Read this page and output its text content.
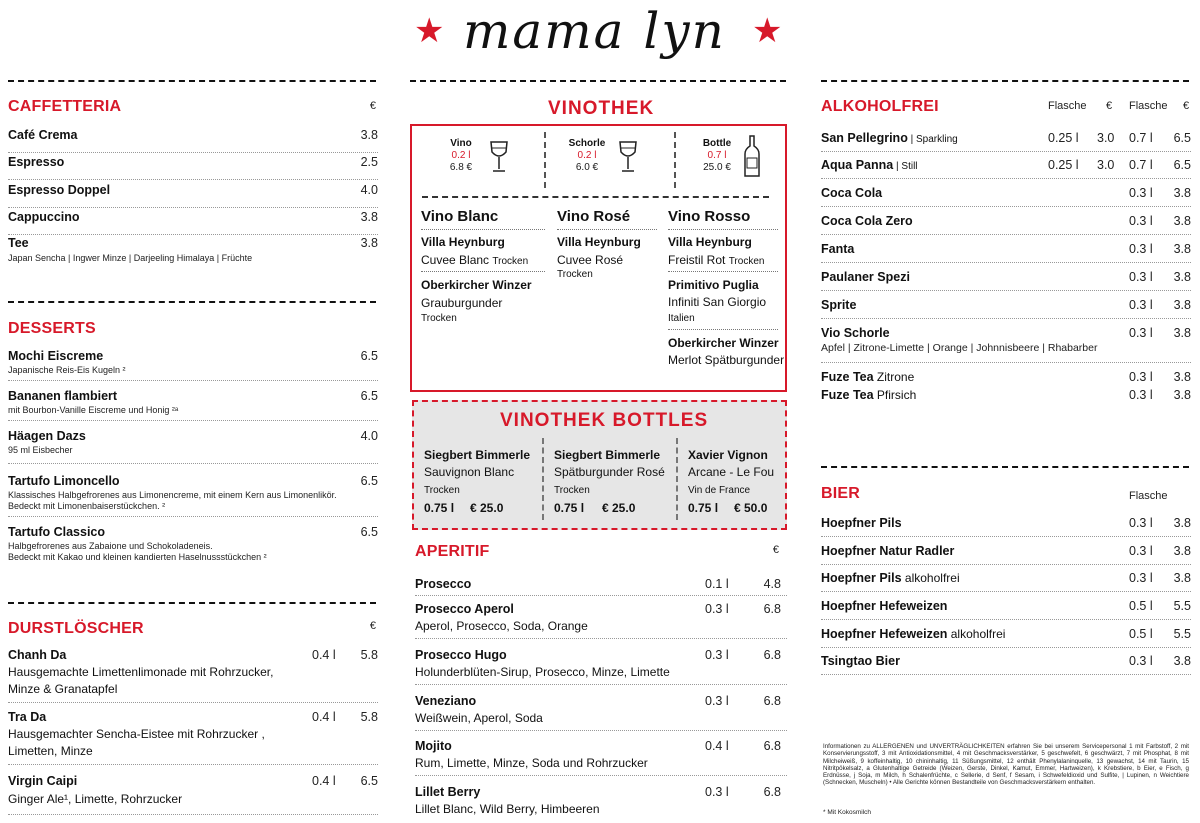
★ mama lyn ★
CAFFETTERIA	€
Café Crema	3.8
Espresso	2.5
Espresso Doppel	4.0
Cappuccino	3.8
Tee
Japan Sencha | Ingwer Minze | Darjeeling Himalaya | Früchte
3.8
DESSERTS
Mochi Eiscreme
Japanische Reis-Eis Kugeln ²
6.5
Bananen flambiert
mit Bourbon-Vanille Eiscreme und Honig ²ᵃ
6.5
Häagen Dazs
95 ml Eisbecher
4.0
Tartufo Limoncello
Klassisches Halbgefrorenes aus Limonencreme, mit einem Kern aus Limonenlikör.
Bedeckt mit Limonenbaiserstückchen. ²
6.5
Tartufo Classico
Halbgefrorenes aus Zabaione und Schokoladeneis.
Bedeckt mit Kakao und kleinen kandierten Haselnussstückchen ²
6.5
DURSTLÖSCHER	€
Chanh Da
Hausgemachte Limettenlimonade mit Rohrzucker,
Minze & Granatapfel
0.4 l 5.8
Tra Da
Hausgemachter Sencha-Eistee mit Rohrzucker ,
Limetten, Minze
0.4 l 5.8
Virgin Caipi
Ginger Ale¹, Limette, Rohrzucker
0.4 l 6.5
VINOTHEK
Vino
0.2 l
6.8 €
Schorle
0.2 l
6.0 €
Bottle
0.7 l
25.0 €
Vino Blanc
Villa Heynburg
Cuvee Blanc Trocken
Oberkircher Winzer
Grauburgunder
Trocken
Vino Rosé
Villa Heynburg
Cuvee Rosé
Trocken
Vino Rosso
Villa Heynburg
Freistil Rot Trocken
Primitivo Puglia
Infiniti San Giorgio
Italien
Oberkircher Winzer
Merlot Spätburgunder
VINOTHEK BOTTLES
Siegbert Bimmerle
Sauvignon Blanc
Trocken
0.75 l € 25.0
Siegbert Bimmerle
Spätburgunder Rosé
Trocken
0.75 l € 25.0
Xavier Vignon
Arcane - Le Fou
Vin de France
0.75 l € 50.0
APERITIF	€
Prosecco	0.1 l	4.8
Prosecco Aperol
Aperol, Prosecco, Soda, Orange
0.3 l	6.8
Prosecco Hugo
Holunderblüten-Sirup, Prosecco, Minze, Limette
0.3 l	6.8
Veneziano
Weißwein, Aperol, Soda
0.3 l	6.8
Mojito
Rum, Limette, Minze, Soda und Rohrzucker
0.4 l	6.8
Lillet Berry
Lillet Blanc, Wild Berry, Himbeeren
0.3 l	6.8
ALKOHOLFREI	Flasche € Flasche €
San Pellegrino | Sparkling	0.25 l 3.0 0.7 l 6.5
Aqua Panna | Still	0.25 l 3.0 0.7 l 6.5
Coca Cola	0.3 l 3.8
Coca Cola Zero	0.3 l 3.8
Fanta	0.3 l 3.8
Paulaner Spezi	0.3 l 3.8
Sprite	0.3 l 3.8
Vio Schorle
Apfel | Zitrone-Limette | Orange | Johnnisbeere | Rhabarber
0.3 l 3.8
Fuze Tea Zitrone	0.3 l 3.8
Fuze Tea Pfirsich	0.3 l 3.8
BIER	Flasche
Hoepfner Pils	0.3 l 3.8
Hoepfner Natur Radler	0.3 l 3.8
Hoepfner Pils alkoholfrei	0.3 l 3.8
Hoepfner Hefeweizen	0.5 l 5.5
Hoepfner Hefeweizen alkoholfrei	0.5 l 5.5
Tsingtao Bier	0.3 l 3.8
Informationen zu ALLERGENEN und UNVERTRÄGLICHKEITEN erfahren Sie bei unserem Servicepersonal 1 mit Farbstoff, 2 mit Konservierungsstoff, 3 mit Antioxidationsmittel, 4 mit Geschmacksverstärker, 5 geschwefelt, 6 geschwärzt, 7 mit Phosphat, 8 mit Milcheiweiß, 9 koffeinhaltig, 10 chininhaltig, 11 Süßungsmittel, 12 enthält Phenylalaninquelle, 13 gewachst, 14 mit Taurin, 15 Nitritpökelsalz, a Glutenhaltige Getreide (Weizen, Gerste, Dinkel, Kamut, Emmer, Hartweizen), k Krebstiere, b Eier, e Fisch, g Erdnüsse, j Soja, m Milch, h Schalenfrüchte, c Sellerie, d Senf, f Sesam, i Schwefeldioxid und Sulfite, | Lupinen, n Weichtiere (Schnecken, Muscheln) • Alle Gerichte können Bestandteile von Geschmacksverstärkern enthalten.
* Mit Kokosmilch
